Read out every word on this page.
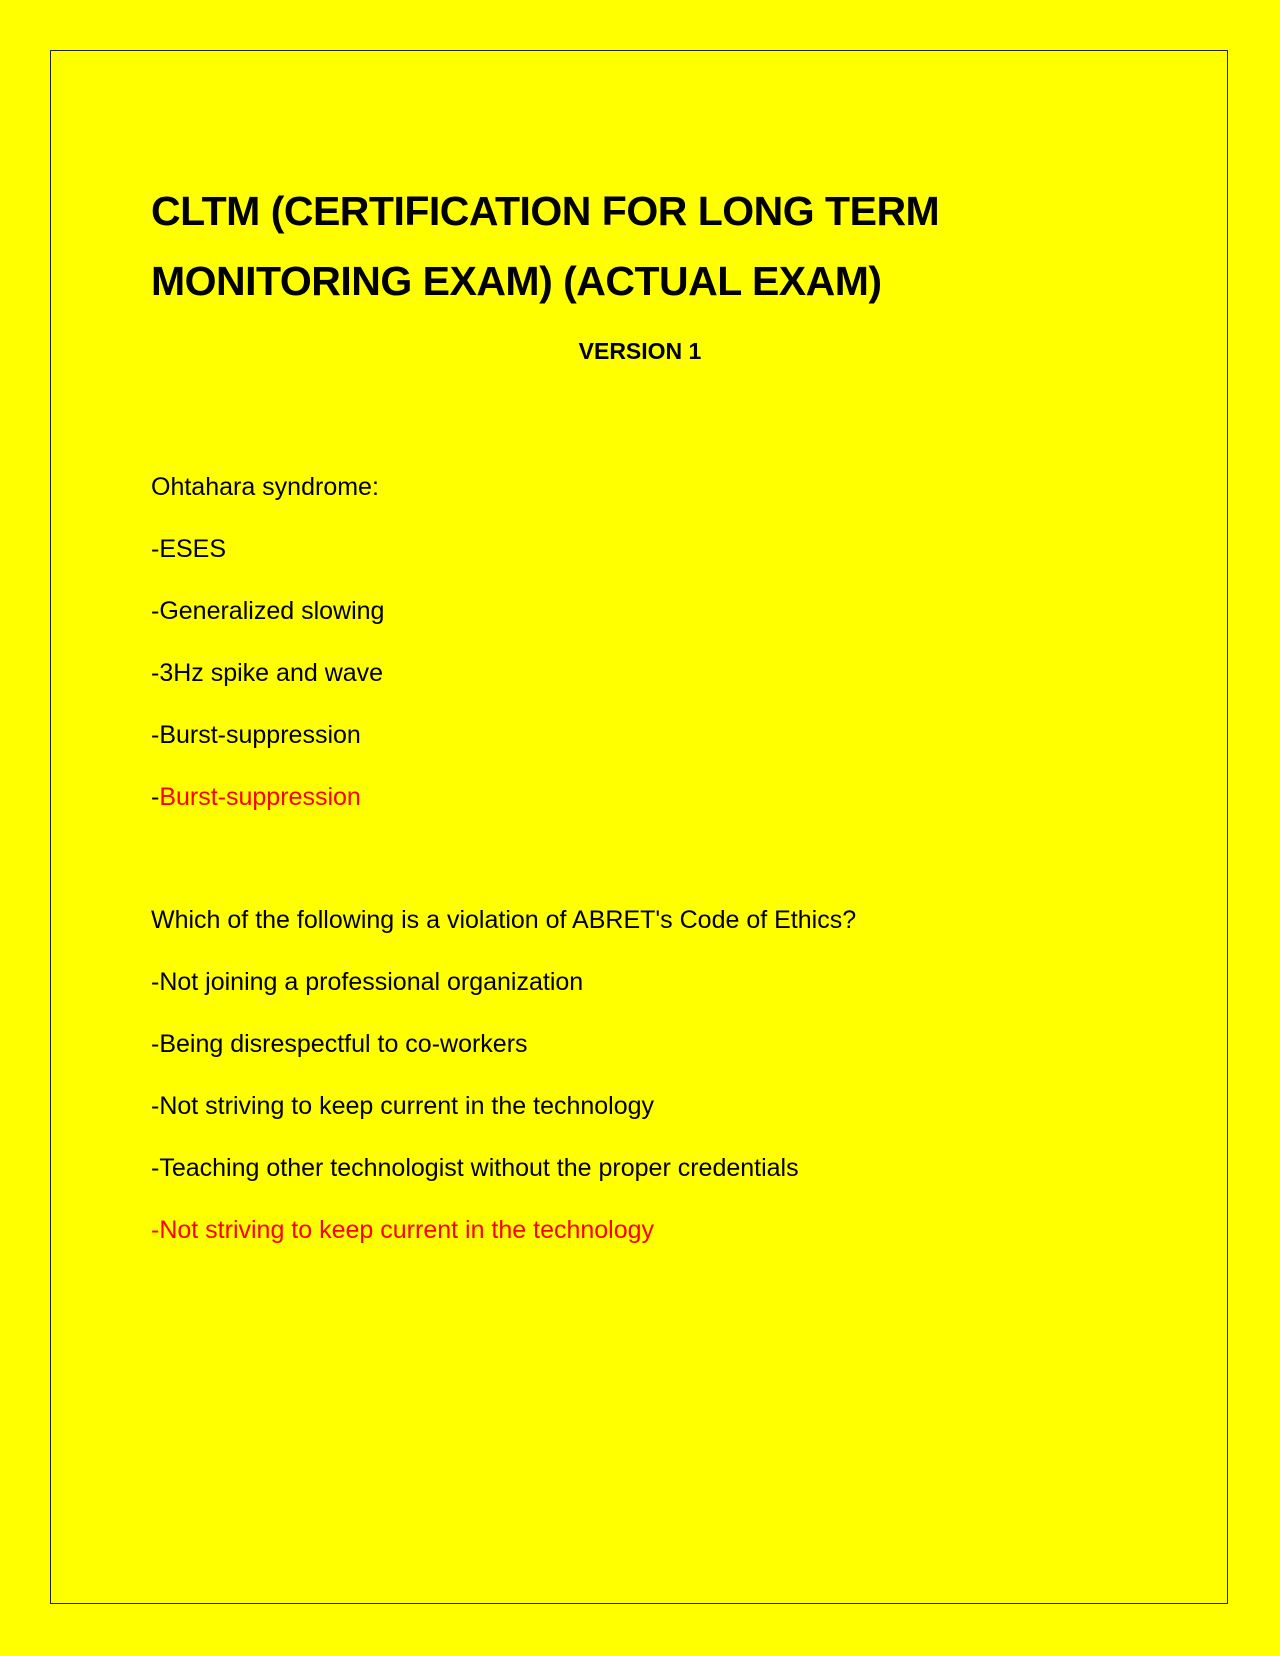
CLTM (CERTIFICATION FOR LONG TERM MONITORING EXAM) (ACTUAL EXAM)

VERSION 1

Ohtahara syndrome:

-ESES

-Generalized slowing

-3Hz spike and wave

-Burst-suppression

-Burst-suppression

Which of the following is a violation of ABRET's Code of Ethics?

-Not joining a professional organization

-Being disrespectful to co-workers

-Not striving to keep current in the technology

-Teaching other technologist without the proper credentials

-Not striving to keep current in the technology
